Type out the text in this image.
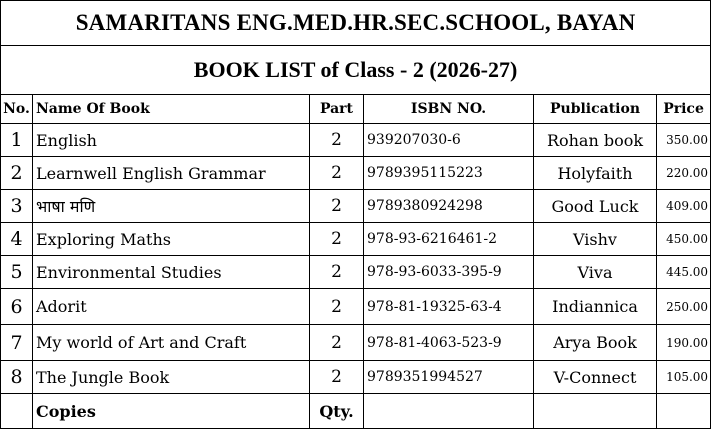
SAMARITANS ENG.MED.HR.SEC.SCHOOL, BAYAN					
BOOK LIST of Class - 2 (2026-27)					
No.	Name Of Book	Part	ISBN NO.	Publication	Price
1	English	2	939207030-6	Rohan book	350.00
2	Learnwell English Grammar	2	9789395115223	Holyfaith	220.00
3	भाषा मणि	2	9789380924298	Good Luck	409.00
4	Exploring Maths	2	978-93-6216461-2	Vishv	450.00
5	Environmental Studies	2	978-93-6033-395-9	Viva	445.00
6	Adorit	2	978-81-19325-63-4	Indiannica	250.00
7	My world of Art and Craft	2	978-81-4063-523-9	Arya Book	190.00
8	The Jungle Book	2	9789351994527	V-Connect	105.00
	Copies	Qty.			
